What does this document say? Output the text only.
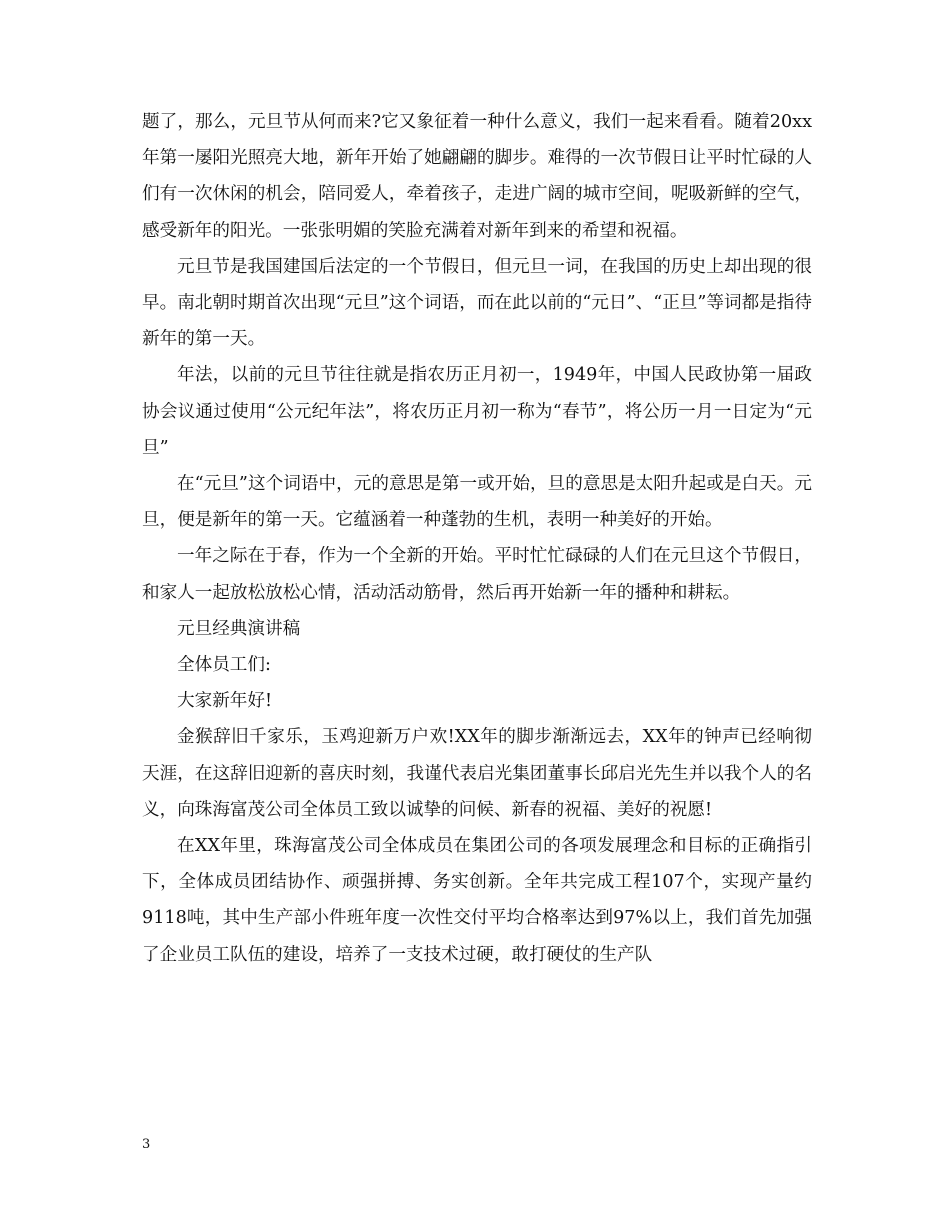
题了，那么，元旦节从何而来?它又象征着一种什么意义，我们一起来看看。随着20xx年第一屡阳光照亮大地，新年开始了她翩翩的脚步。难得的一次节假日让平时忙碌的人们有一次休闲的机会，陪同爱人，牵着孩子，走进广阔的城市空间，呢吸新鲜的空气，感受新年的阳光。一张张明媚的笑脸充满着对新年到来的希望和祝福。

元旦节是我国建国后法定的一个节假日，但元旦一词，在我国的历史上却出现的很早。南北朝时期首次出现“元旦”这个词语，而在此以前的“元日”、“正旦”等词都是指待新年的第一天。

年法，以前的元旦节往往就是指农历正月初一，1949年，中国人民政协第一届政协会议通过使用“公元纪年法”，将农历正月初一称为“春节”，将公历一月一日定为“元旦”

在“元旦”这个词语中，元的意思是第一或开始，旦的意思是太阳升起或是白天。元旦，便是新年的第一天。它蕴涵着一种蓬勃的生机，表明一种美好的开始。

一年之际在于春，作为一个全新的开始。平时忙忙碌碌的人们在元旦这个节假日，和家人一起放松放松心情，活动活动筋骨，然后再开始新一年的播种和耕耘。

元旦经典演讲稿

全体员工们:

大家新年好!

金猴辞旧千家乐，玉鸡迎新万户欢!XX年的脚步渐渐远去，XX年的钟声已经响彻天涯，在这辞旧迎新的喜庆时刻，我谨代表启光集团董事长邱启光先生并以我个人的名义，向珠海富茂公司全体员工致以诚挚的问候、新春的祝福、美好的祝愿!

在XX年里，珠海富茂公司全体成员在集团公司的各项发展理念和目标的正确指引下，全体成员团结协作、顽强拼搏、务实创新。全年共完成工程107个，实现产量约9118吨，其中生产部小件班年度一次性交付平均合格率达到97%以上，我们首先加强了企业员工队伍的建设，培养了一支技术过硬，敢打硬仗的生产队

3
